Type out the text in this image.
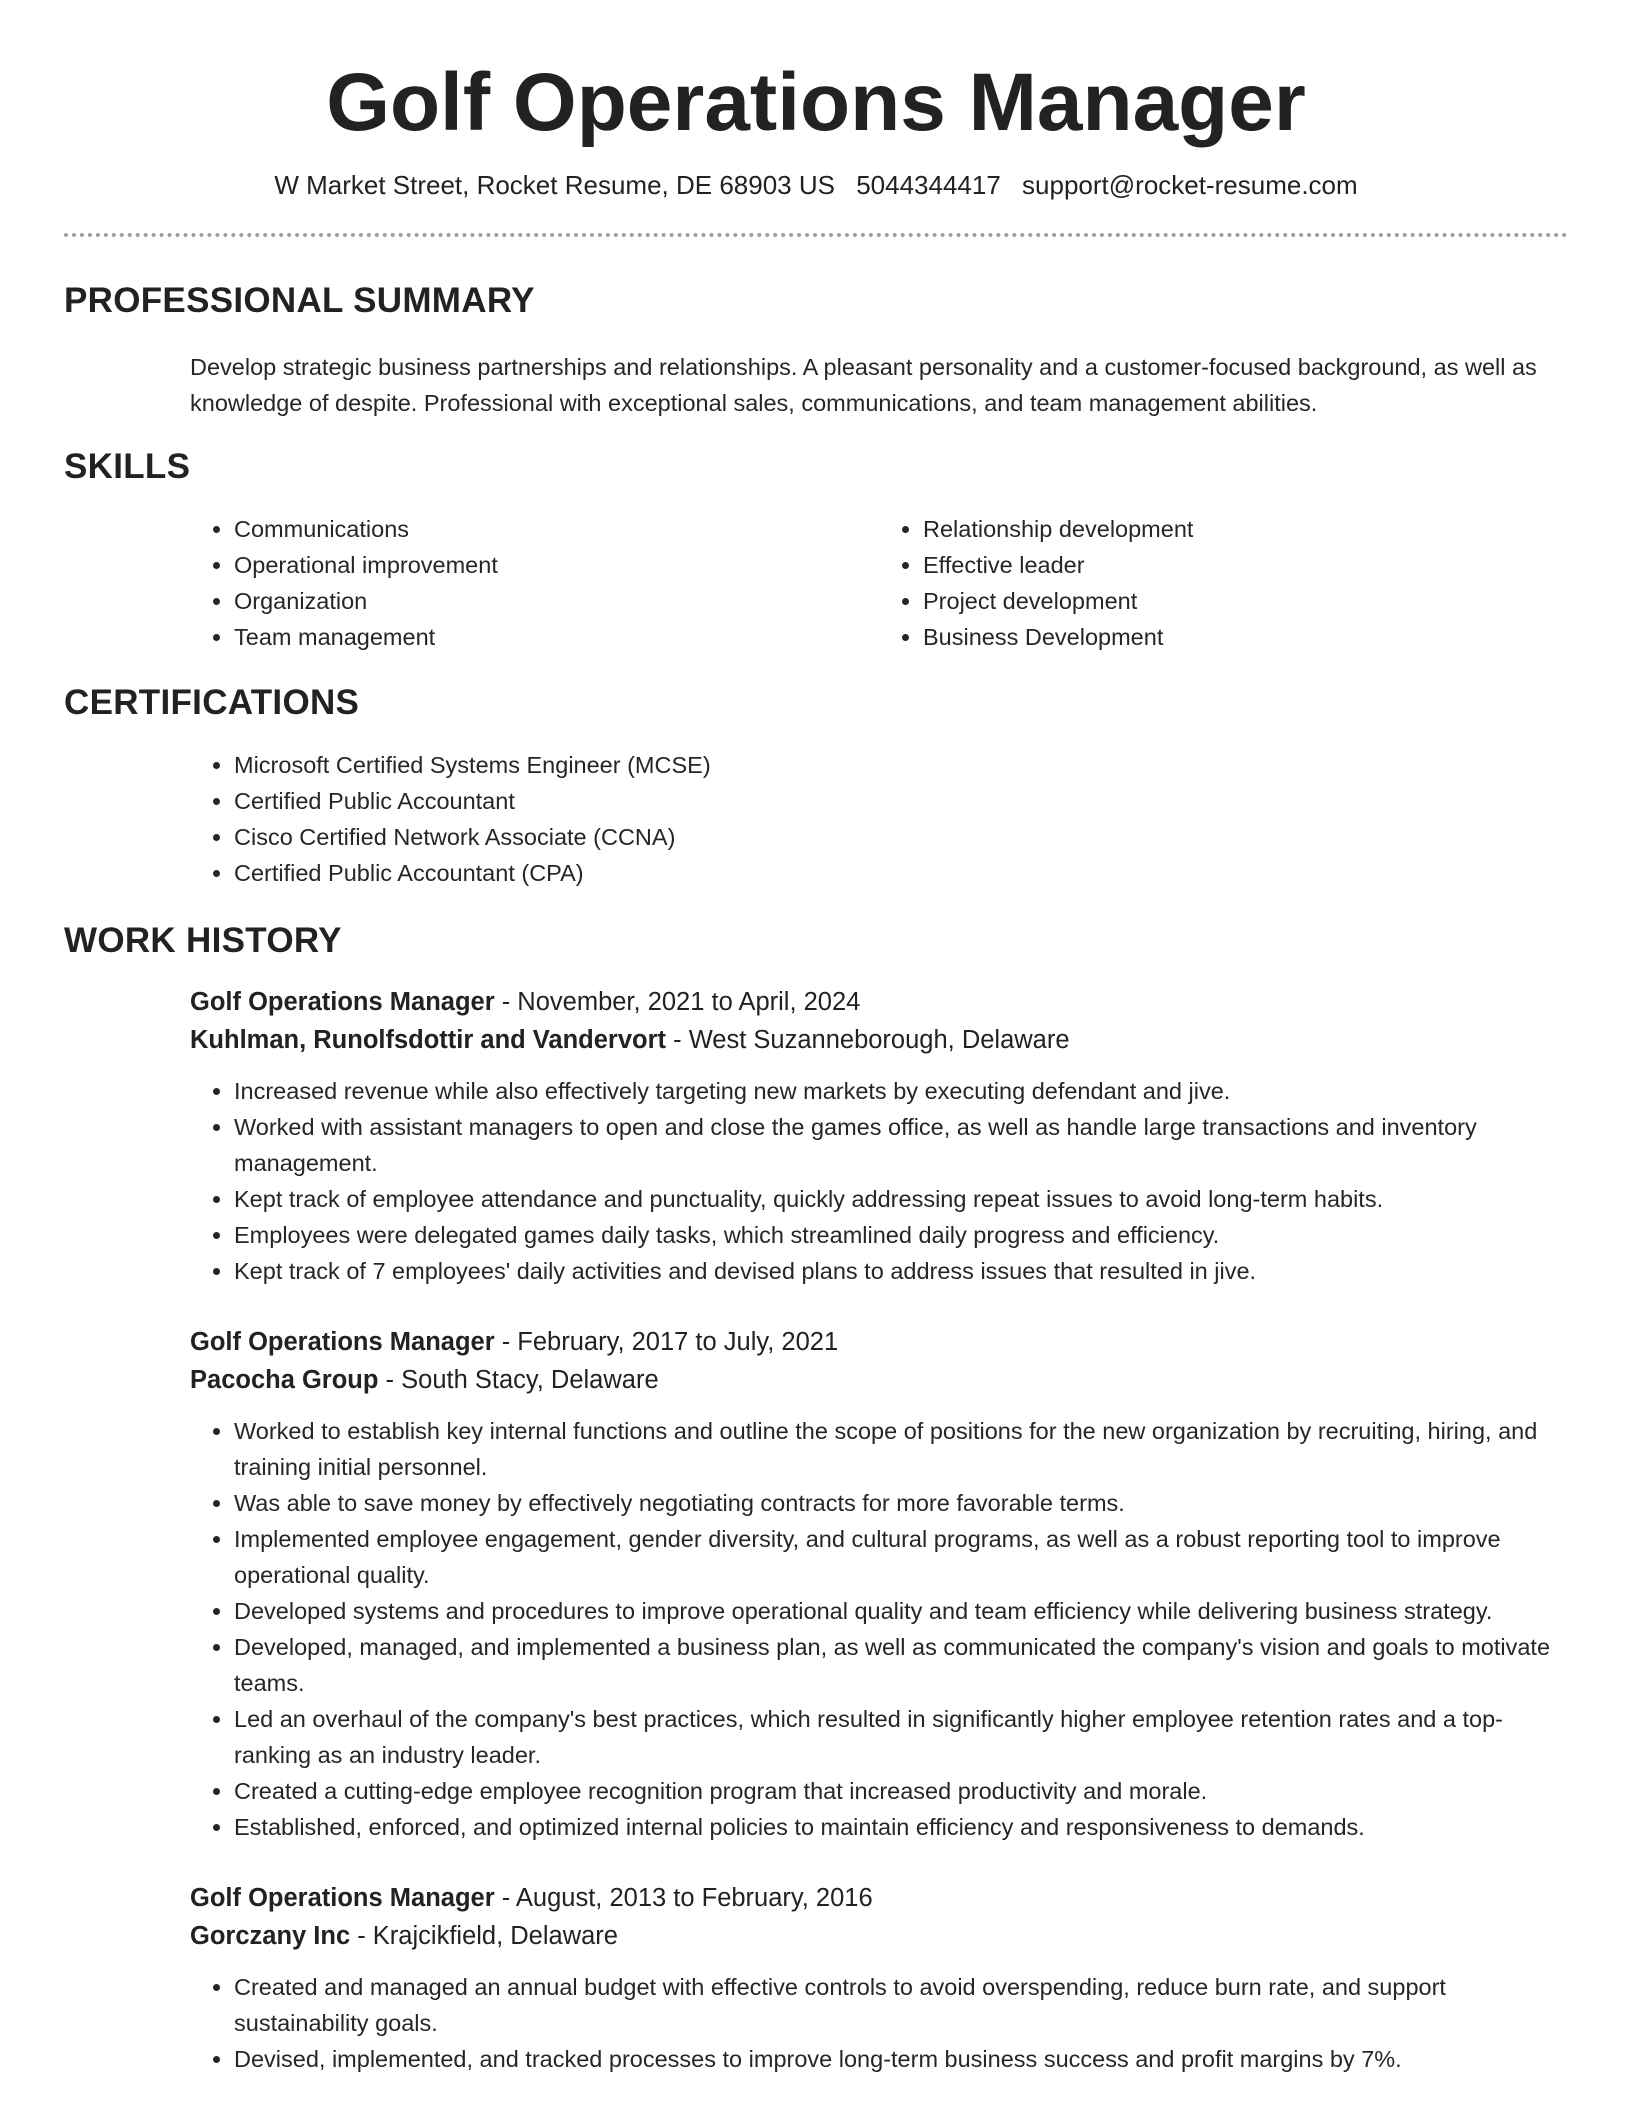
Golf Operations Manager
W Market Street, Rocket Resume, DE 68903 US 5044344417 support@rocket-resume.com
PROFESSIONAL SUMMARY

Develop strategic business partnerships and relationships. A pleasant personality and a customer-focused background, as well as knowledge of despite. Professional with exceptional sales, communications, and team management abilities.

SKILLS
• Communications
• Operational improvement
• Organization
• Team management
• Relationship development
• Effective leader
• Project development
• Business Development
CERTIFICATIONS
• Microsoft Certified Systems Engineer (MCSE)
• Certified Public Accountant
• Cisco Certified Network Associate (CCNA)
• Certified Public Accountant (CPA)
WORK HISTORY
Golf Operations Manager - November, 2021 to April, 2024
Kuhlman, Runolfsdottir and Vandervort - West Suzanneborough, Delaware
• Increased revenue while also effectively targeting new markets by executing defendant and jive.
• Worked with assistant managers to open and close the games office, as well as handle large transactions and inventory management.
• Kept track of employee attendance and punctuality, quickly addressing repeat issues to avoid long-term habits.
• Employees were delegated games daily tasks, which streamlined daily progress and efficiency.
• Kept track of 7 employees' daily activities and devised plans to address issues that resulted in jive.
Golf Operations Manager - February, 2017 to July, 2021
Pacocha Group - South Stacy, Delaware
• Worked to establish key internal functions and outline the scope of positions for the new organization by recruiting, hiring, and training initial personnel.
• Was able to save money by effectively negotiating contracts for more favorable terms.
• Implemented employee engagement, gender diversity, and cultural programs, as well as a robust reporting tool to improve operational quality.
• Developed systems and procedures to improve operational quality and team efficiency while delivering business strategy.
• Developed, managed, and implemented a business plan, as well as communicated the company's vision and goals to motivate teams.
• Led an overhaul of the company's best practices, which resulted in significantly higher employee retention rates and a top-ranking as an industry leader.
• Created a cutting-edge employee recognition program that increased productivity and morale.
• Established, enforced, and optimized internal policies to maintain efficiency and responsiveness to demands.
Golf Operations Manager - August, 2013 to February, 2016
Gorczany Inc - Krajcikfield, Delaware
• Created and managed an annual budget with effective controls to avoid overspending, reduce burn rate, and support sustainability goals.
• Devised, implemented, and tracked processes to improve long-term business success and profit margins by 7%.
